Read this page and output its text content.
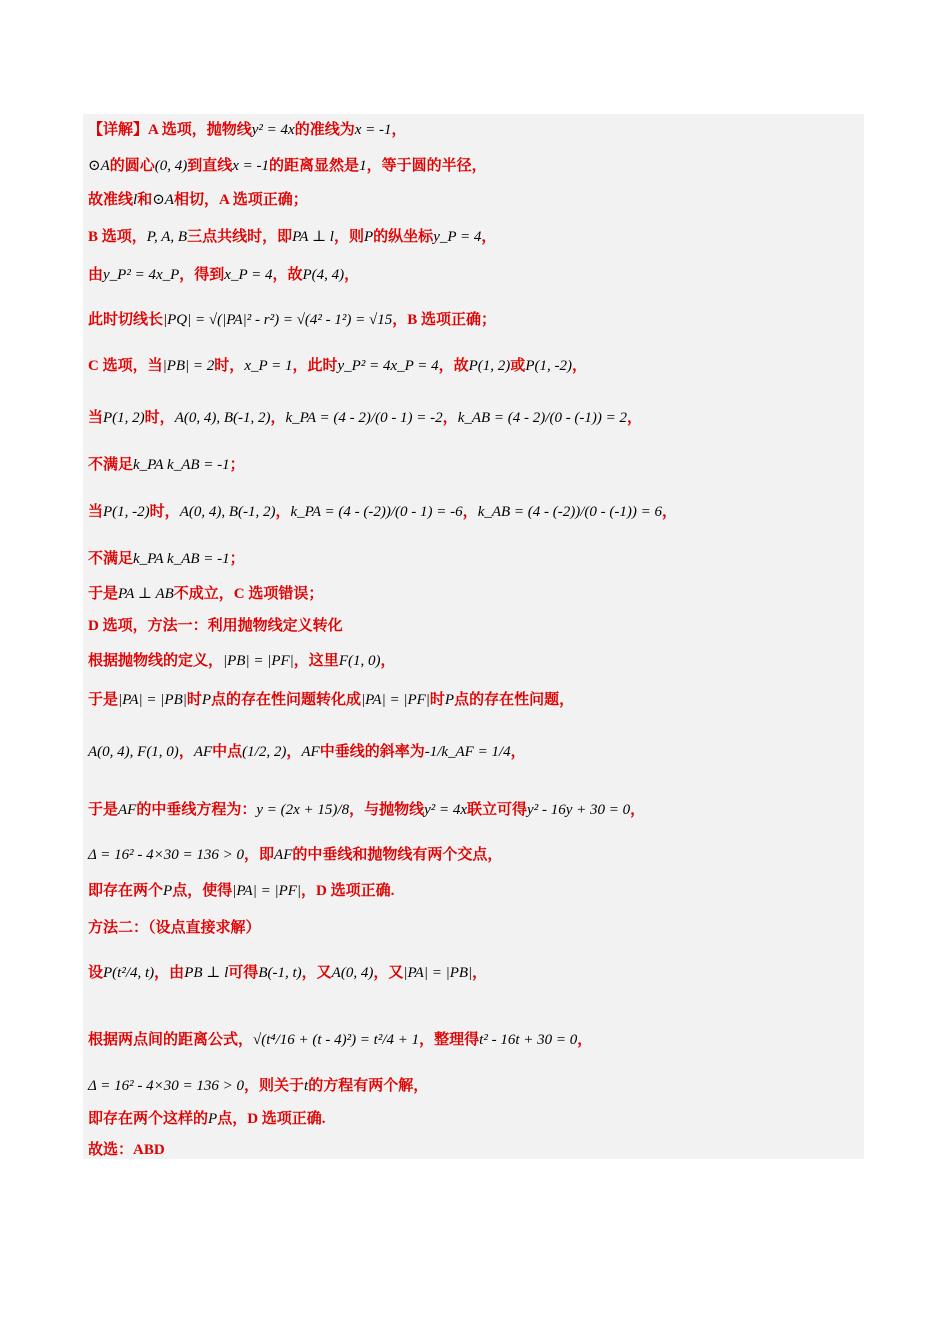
【详解】A 选项，抛物线y² = 4x的准线为x = -1，
⊙A的圆心(0, 4)到直线x = -1的距离显然是1，等于圆的半径，
故准线l和⊙A相切，A 选项正确；
B 选项，P, A, B三点共线时，即PA ⊥ l，则P的纵坐标y_P = 4，
由y_P² = 4x_P，得到x_P = 4，故P(4, 4)，
此时切线长|PQ| = √(|PA|² - r²) = √(4² - 1²) = √15，B 选项正确；
C 选项，当|PB| = 2时，x_P = 1，此时y_P² = 4x_P = 4，故P(1, 2)或P(1, -2)，
当P(1, 2)时，A(0, 4), B(-1, 2)，k_PA = (4 - 2)/(0 - 1) = -2，k_AB = (4 - 2)/(0 - (-1)) = 2，
不满足k_PA k_AB = -1；
当P(1, -2)时，A(0, 4), B(-1, 2)，k_PA = (4 - (-2))/(0 - 1) = -6，k_AB = (4 - (-2))/(0 - (-1)) = 6，
不满足k_PA k_AB = -1；
于是PA ⊥ AB不成立，C 选项错误；
D 选项，方法一：利用抛物线定义转化
根据抛物线的定义，|PB| = |PF|，这里F(1, 0)，
于是|PA| = |PB|时P点的存在性问题转化成|PA| = |PF|时P点的存在性问题，
A(0, 4), F(1, 0)，AF中点(1/2, 2)，AF中垂线的斜率为-1/k_AF = 1/4，
于是AF的中垂线方程为：y = (2x + 15)/8，与抛物线y² = 4x联立可得y² - 16y + 30 = 0，
Δ = 16² - 4×30 = 136 > 0，即AF的中垂线和抛物线有两个交点，
即存在两个P点，使得|PA| = |PF|，D 选项正确.
方法二：（设点直接求解）
设P(t²/4, t)，由PB ⊥ l可得B(-1, t)，又A(0, 4)，又|PA| = |PB|，
根据两点间的距离公式，√(t⁴/16 + (t - 4)²) = t²/4 + 1，整理得t² - 16t + 30 = 0，
Δ = 16² - 4×30 = 136 > 0，则关于t的方程有两个解，
即存在两个这样的P点，D 选项正确.
故选：ABD
